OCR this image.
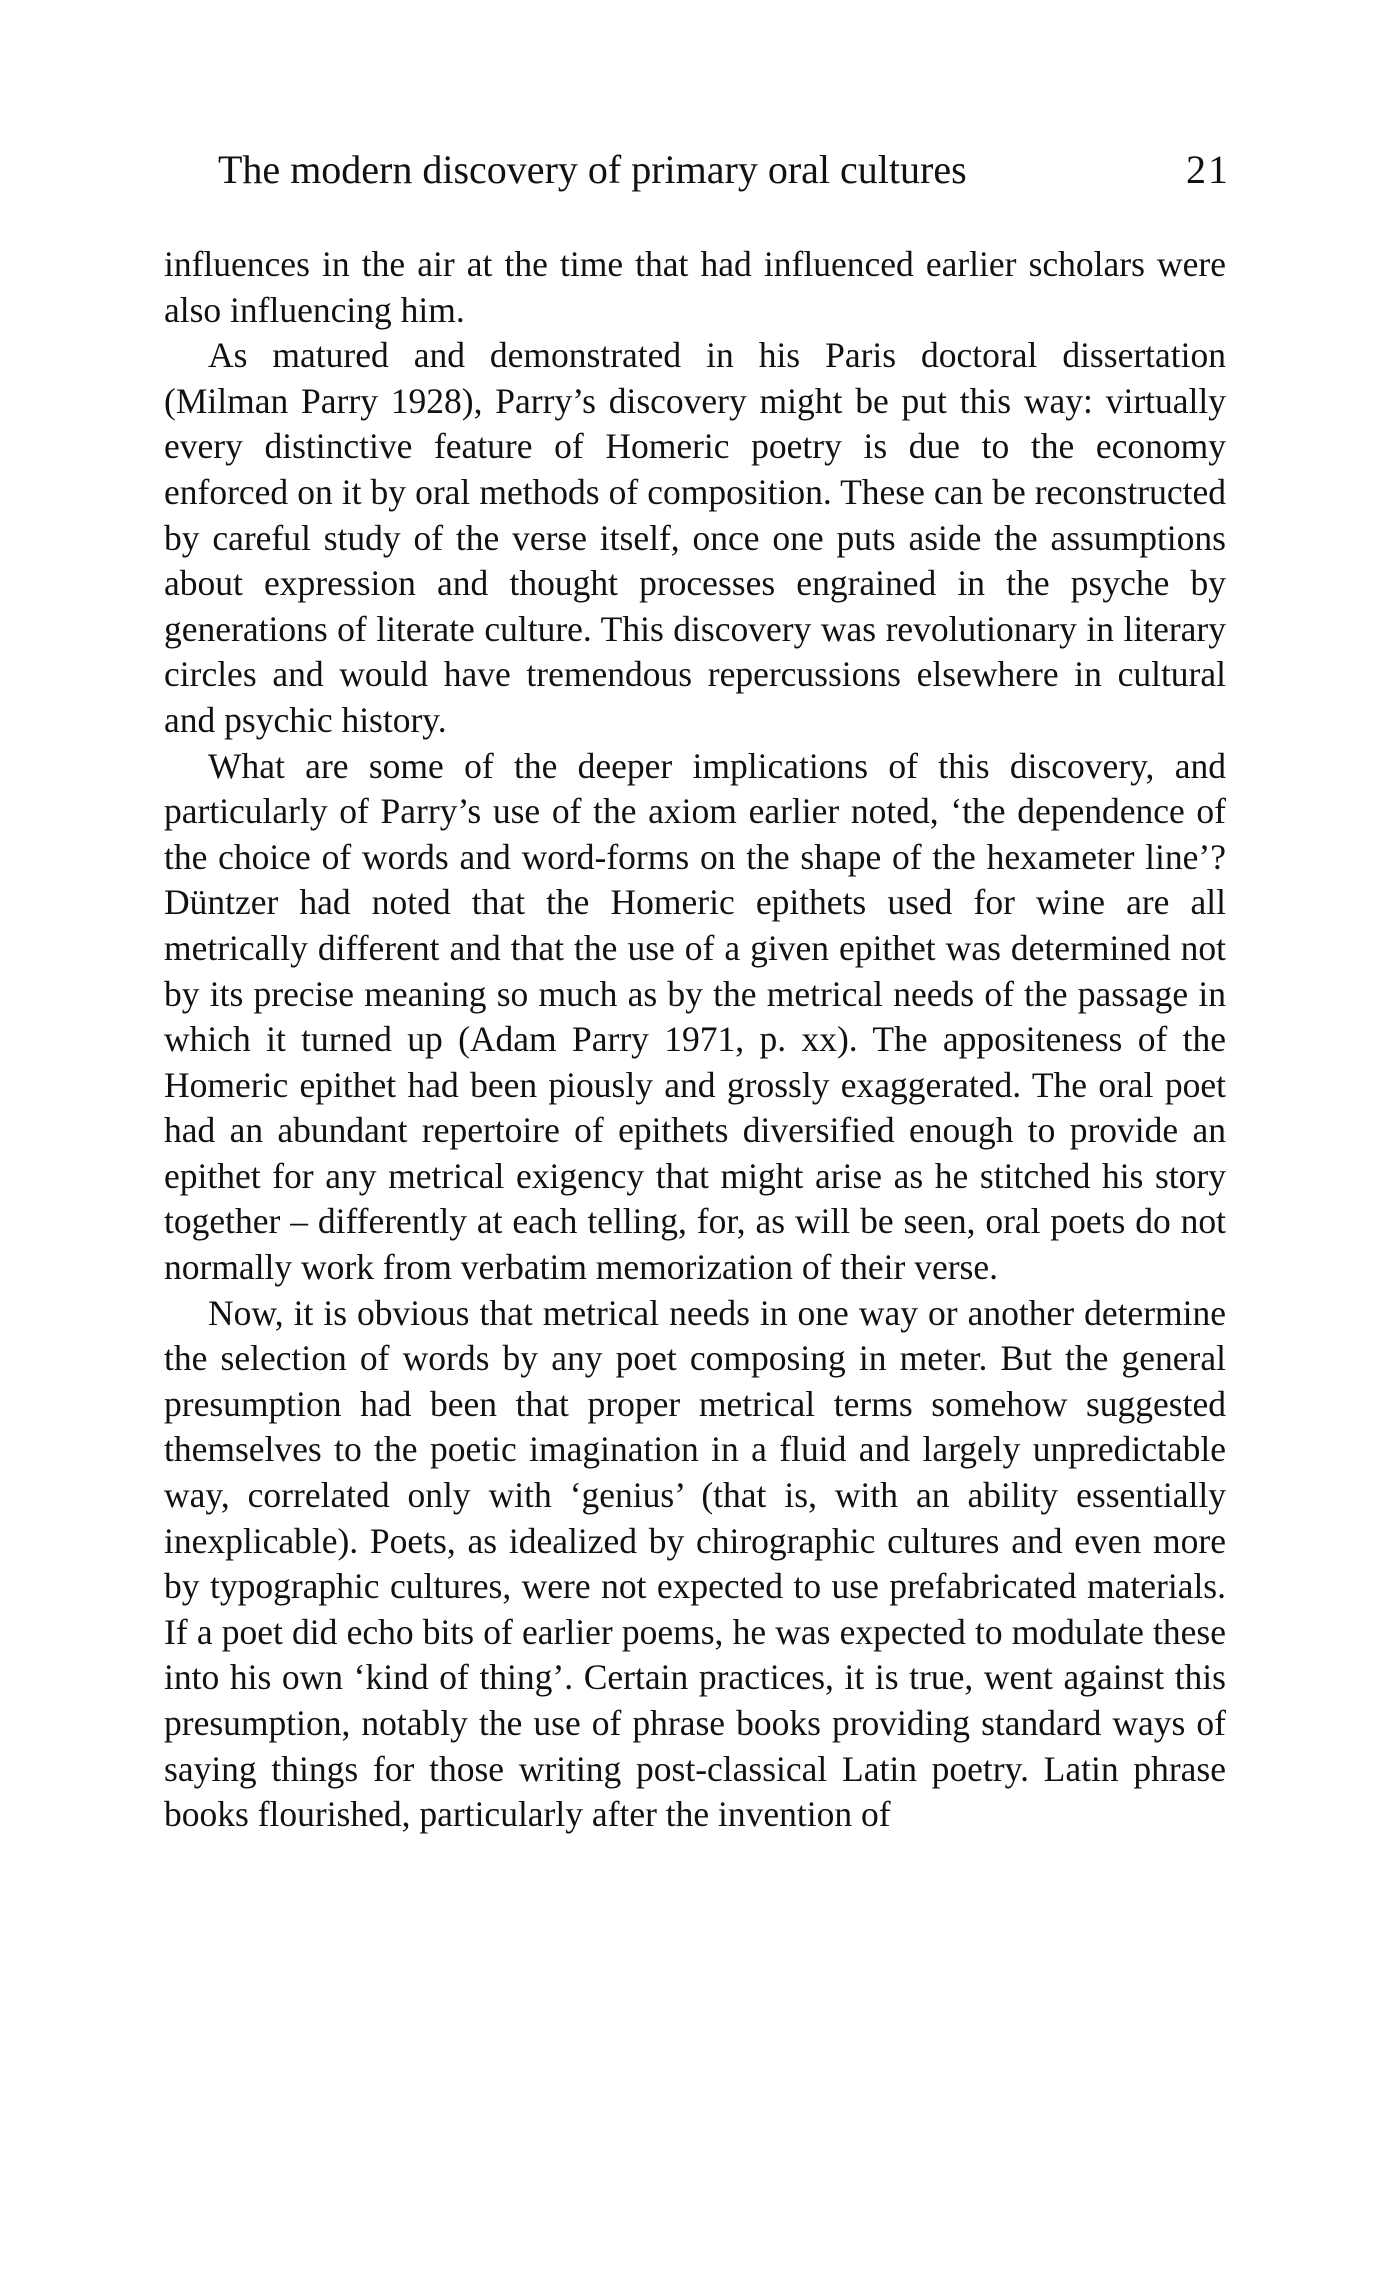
The modern discovery of primary oral cultures	21

influences in the air at the time that had influenced earlier scholars were also influencing him.

As matured and demonstrated in his Paris doctoral dissertation (Milman Parry 1928), Parry’s discovery might be put this way: virtually every distinctive feature of Homeric poetry is due to the economy enforced on it by oral methods of composition. These can be reconstructed by careful study of the verse itself, once one puts aside the assumptions about expression and thought processes engrained in the psyche by generations of literate culture. This discovery was revolutionary in literary circles and would have tremendous repercussions elsewhere in cultural and psychic history.

What are some of the deeper implications of this discovery, and particularly of Parry’s use of the axiom earlier noted, ‘the dependence of the choice of words and word-forms on the shape of the hexameter line’? Düntzer had noted that the Homeric epithets used for wine are all metrically different and that the use of a given epithet was determined not by its precise meaning so much as by the metrical needs of the passage in which it turned up (Adam Parry 1971, p. xx). The appositeness of the Homeric epithet had been piously and grossly exaggerated. The oral poet had an abundant repertoire of epithets diversified enough to provide an epithet for any metrical exigency that might arise as he stitched his story together – differently at each telling, for, as will be seen, oral poets do not normally work from verbatim memorization of their verse.

Now, it is obvious that metrical needs in one way or another determine the selection of words by any poet composing in meter. But the general presumption had been that proper metrical terms somehow suggested themselves to the poetic imagination in a fluid and largely unpredictable way, correlated only with ‘genius’ (that is, with an ability essentially inexplicable). Poets, as idealized by chirographic cultures and even more by typographic cultures, were not expected to use prefabricated materials. If a poet did echo bits of earlier poems, he was expected to modulate these into his own ‘kind of thing’. Certain practices, it is true, went against this presumption, notably the use of phrase books providing standard ways of saying things for those writing post-classical Latin poetry. Latin phrase books flourished, particularly after the invention of
